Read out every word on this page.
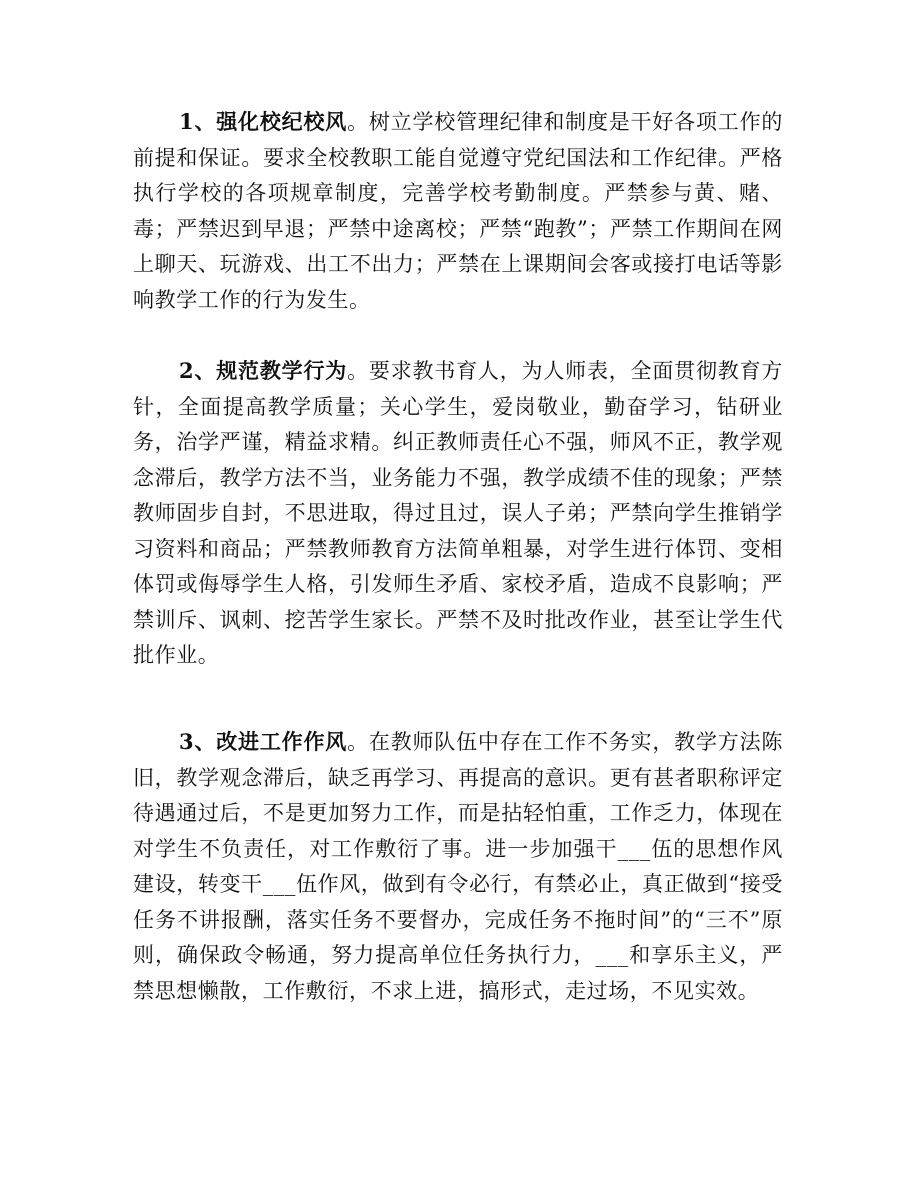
1、强化校纪校风。树立学校管理纪律和制度是干好各项工作的前提和保证。要求全校教职工能自觉遵守党纪国法和工作纪律。严格执行学校的各项规章制度，完善学校考勤制度。严禁参与黄、赌、毒；严禁迟到早退；严禁中途离校；严禁“跑教”；严禁工作期间在网上聊天、玩游戏、出工不出力；严禁在上课期间会客或接打电话等影响教学工作的行为发生。

2、规范教学行为。要求教书育人，为人师表，全面贯彻教育方针，全面提高教学质量；关心学生，爱岗敬业，勤奋学习，钻研业务，治学严谨，精益求精。纠正教师责任心不强，师风不正，教学观念滞后，教学方法不当，业务能力不强，教学成绩不佳的现象；严禁教师固步自封，不思进取，得过且过，误人子弟；严禁向学生推销学习资料和商品；严禁教师教育方法简单粗暴，对学生进行体罚、变相体罚或侮辱学生人格，引发师生矛盾、家校矛盾，造成不良影响；严禁训斥、讽刺、挖苦学生家长。严禁不及时批改作业，甚至让学生代批作业。

3、改进工作作风。在教师队伍中存在工作不务实，教学方法陈旧，教学观念滞后，缺乏再学习、再提高的意识。更有甚者职称评定待遇通过后，不是更加努力工作，而是拈轻怕重，工作乏力，体现在对学生不负责任，对工作敷衍了事。进一步加强干___伍的思想作风建设，转变干___伍作风，做到有令必行，有禁必止，真正做到“接受任务不讲报酬，落实任务不要督办，完成任务不拖时间”的“三不”原则，确保政令畅通，努力提高单位任务执行力，___和享乐主义，严禁思想懒散，工作敷衍，不求上进，搞形式，走过场，不见实效。
